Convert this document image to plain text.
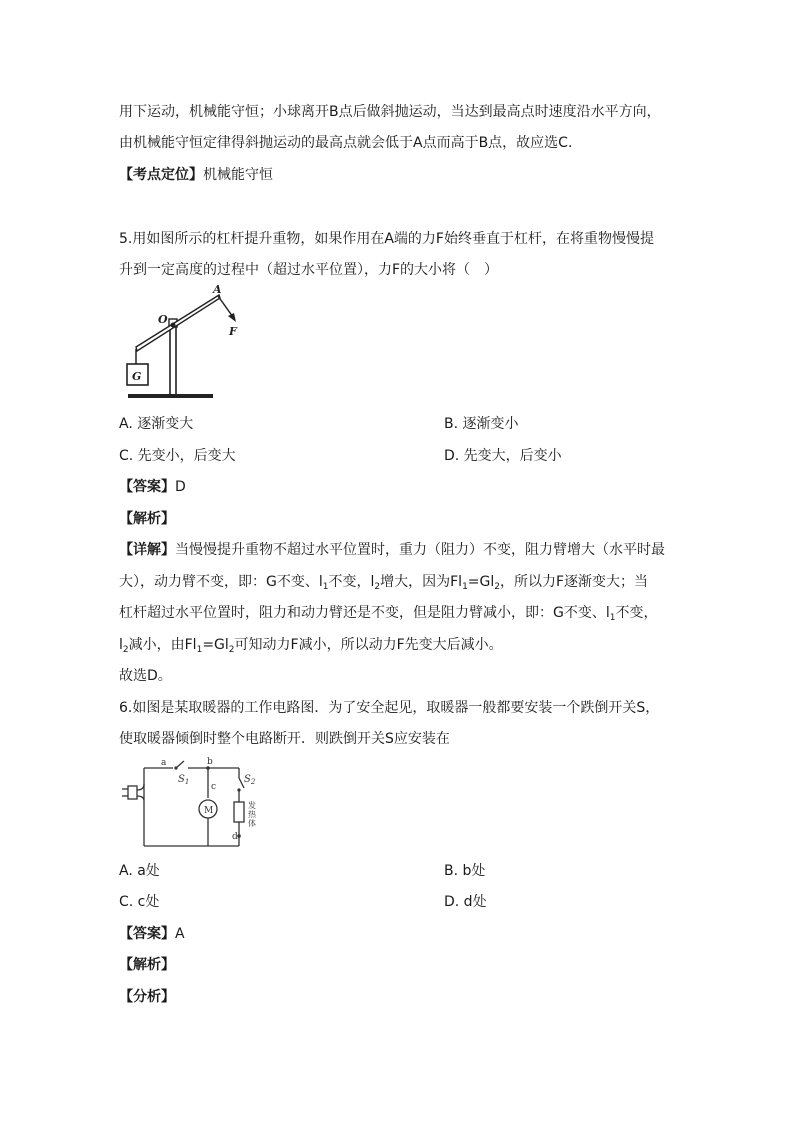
用下运动，机械能守恒；小球离开B点后做斜抛运动，当达到最高点时速度沿水平方向，
由机械能守恒定律得斜抛运动的最高点就会低于A点而高于B点，故应选C.
【考点定位】机械能守恒
5.用如图所示的杠杆提升重物，如果作用在A端的力F始终垂直于杠杆，在将重物慢慢提
升到一定高度的过程中（超过水平位置），力F的大小将（　）
A
O
F
G
A. 逐渐变大	B. 逐渐变小
C. 先变小，后变大	D. 先变大，后变小
【答案】D
【解析】
【详解】当慢慢提升重物不超过水平位置时，重力（阻力）不变，阻力臂增大（水平时最
大），动力臂不变，即：G不变、$l_1$不变，$l_2$增大，因为$Fl_1=Gl_2$，所以力F逐渐变大；当
杠杆超过水平位置时，阻力和动力臂还是不变，但是阻力臂减小，即：G不变、$l_1$不变，
$l_2$减小，由$Fl_1=Gl_2$可知动力F减小，所以动力F先变大后减小。
故选D。
6.如图是某取暖器的工作电路图．为了安全起见，取暖器一般都要安装一个跌倒开关S，
使取暖器倾倒时整个电路断开．则跌倒开关S应安装在
a	b
c
d
$S_1$	$S_2$
M
发
热
体
A. a处	B. b处
C. c处	D. d处
【答案】A
【解析】
【分析】
